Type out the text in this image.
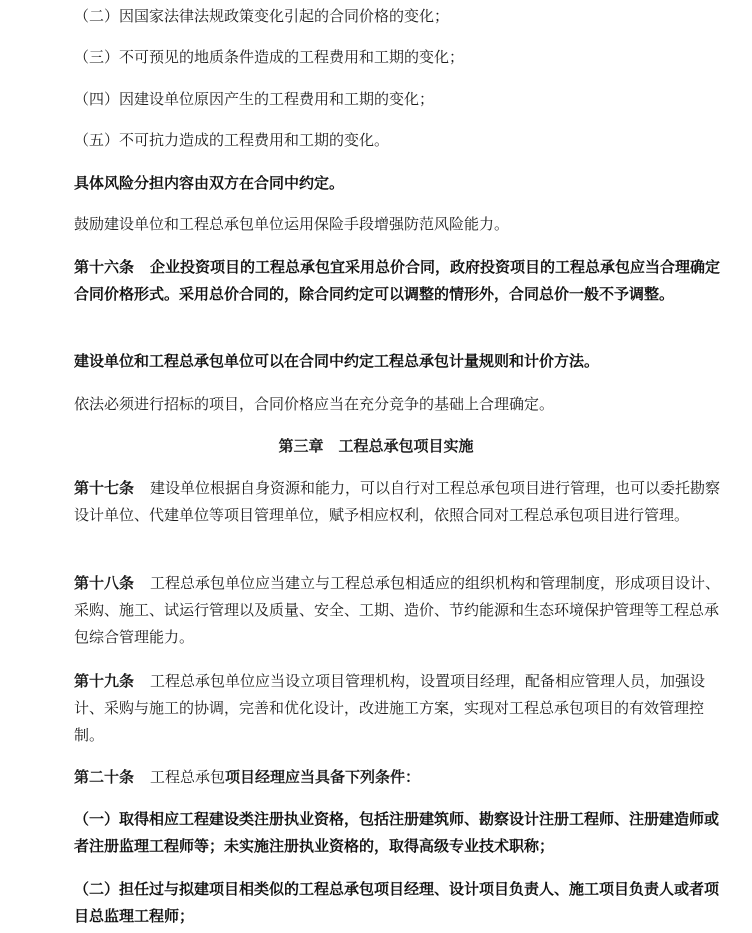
（二）因国家法律法规政策变化引起的合同价格的变化；

（三）不可预见的地质条件造成的工程费用和工期的变化；

（四）因建设单位原因产生的工程费用和工期的变化；

（五）不可抗力造成的工程费用和工期的变化。

具体风险分担内容由双方在合同中约定。

鼓励建设单位和工程总承包单位运用保险手段增强防范风险能力。

第十六条 企业投资项目的工程总承包宜采用总价合同，政府投资项目的工程总承包应当合理确定合同价格形式。采用总价合同的，除合同约定可以调整的情形外，合同总价一般不予调整。

建设单位和工程总承包单位可以在合同中约定工程总承包计量规则和计价方法。

依法必须进行招标的项目，合同价格应当在充分竞争的基础上合理确定。

第三章　工程总承包项目实施

第十七条 建设单位根据自身资源和能力，可以自行对工程总承包项目进行管理，也可以委托勘察设计单位、代建单位等项目管理单位，赋予相应权利，依照合同对工程总承包项目进行管理。

第十八条 工程总承包单位应当建立与工程总承包相适应的组织机构和管理制度，形成项目设计、采购、施工、试运行管理以及质量、安全、工期、造价、节约能源和生态环境保护管理等工程总承包综合管理能力。

第十九条 工程总承包单位应当设立项目管理机构，设置项目经理，配备相应管理人员，加强设计、采购与施工的协调，完善和优化设计，改进施工方案，实现对工程总承包项目的有效管理控制。

第二十条 工程总承包项目经理应当具备下列条件：

（一）取得相应工程建设类注册执业资格，包括注册建筑师、勘察设计注册工程师、注册建造师或者注册监理工程师等；未实施注册执业资格的，取得高级专业技术职称；

（二）担任过与拟建项目相类似的工程总承包项目经理、设计项目负责人、施工项目负责人或者项目总监理工程师；
